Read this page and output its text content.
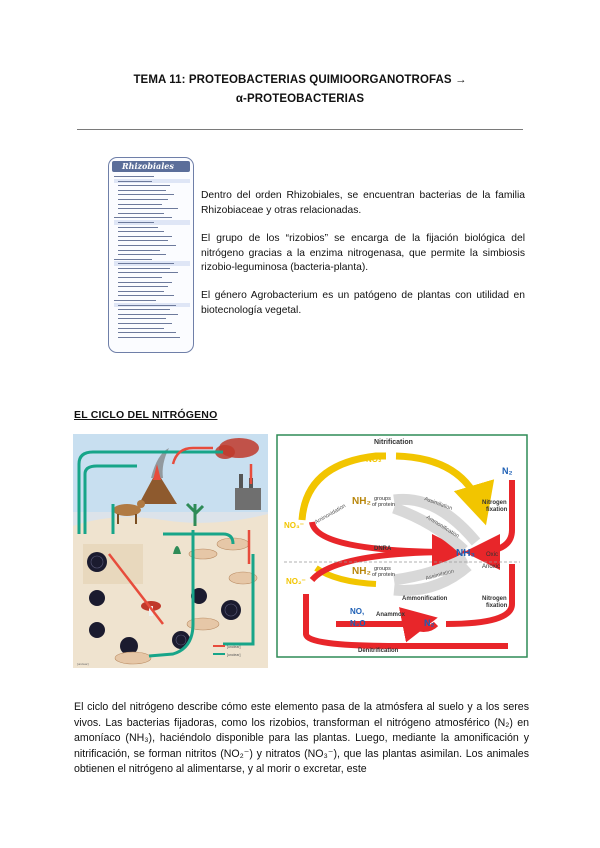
TEMA 11: PROTEOBACTERIAS QUIMIOORGANOTROFAS →
α-PROTEOBACTERIAS
Rhizobiales

Dentro del orden Rhizobiales, se encuentran bacterias de la familia Rhizobiaceae y otras relacionadas.

El grupo de los “rizobios” se encarga de la fijación biológica del nitrógeno gracias a la enzima nitrogenasa, que permite la simbiosis rizobio-leguminosa (bacteria-planta).

El género Agrobacterium es un patógeno de plantas con utilidad en biotecnología vegetal.

EL CICLO DEL NITRÓGENO
[unclear]
[unclear]
[unclear]
Nitrification
NO₂⁻
NO₃⁻
NH₂ groups of protein	Assimilation
Ammonification
Aminoxidation
DNRA	NH₃ Oxic
Anoxic
N₂
Nitrogen fixation
NO₂⁻
NH₂ groups of protein	Assimilation
Ammonification	Nitrogen fixation
NO,
N₂O
Anammox
N₂
Denitrification

El ciclo del nitrógeno describe cómo este elemento pasa de la atmósfera al suelo y a los seres vivos. Las bacterias fijadoras, como los rizobios, transforman el nitrógeno atmosférico (N₂) en amoníaco (NH₃), haciéndolo disponible para las plantas. Luego, mediante la amonificación y nitrificación, se forman nitritos (NO₂⁻) y nitratos (NO₃⁻), que las plantas asimilan. Los animales obtienen el nitrógeno al alimentarse, y al morir o excretar, este
